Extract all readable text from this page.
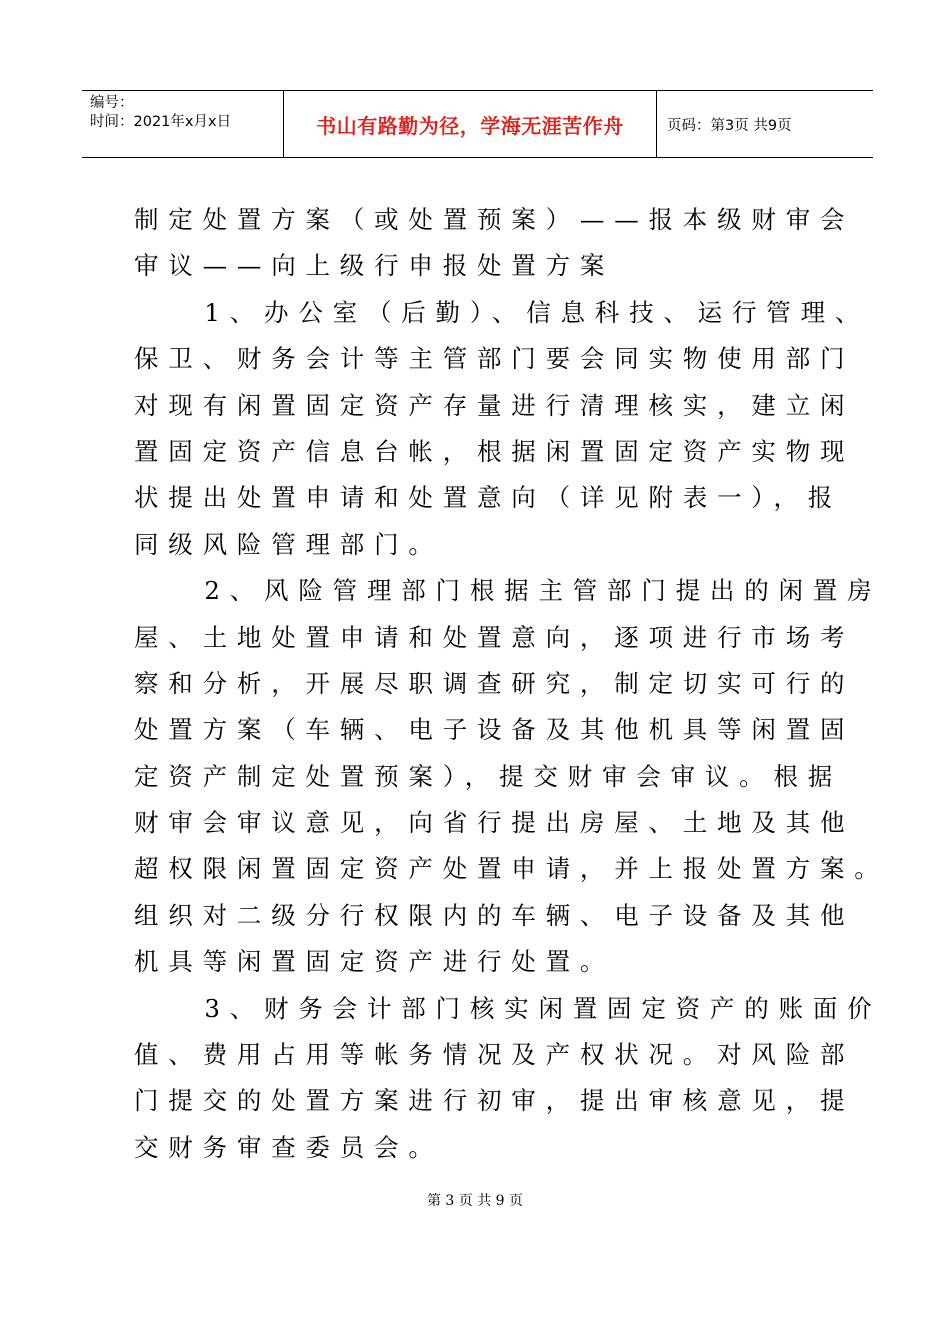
编号：
时间：2021年x月x日	书山有路勤为径，学海无涯苦作舟	页码：第3页 共9页
制定处置方案（或处置预案）——报本级财审会
审议——向上级行申报处置方案
1、办公室（后勤）、信息科技、运行管理、
保卫、财务会计等主管部门要会同实物使用部门
对现有闲置固定资产存量进行清理核实，建立闲
置固定资产信息台帐，根据闲置固定资产实物现
状提出处置申请和处置意向（详见附表一），报
同级风险管理部门。
2、风险管理部门根据主管部门提出的闲置房
屋、土地处置申请和处置意向，逐项进行市场考
察和分析，开展尽职调查研究，制定切实可行的
处置方案（车辆、电子设备及其他机具等闲置固
定资产制定处置预案），提交财审会审议。根据
财审会审议意见，向省行提出房屋、土地及其他
超权限闲置固定资产处置申请，并上报处置方案。
组织对二级分行权限内的车辆、电子设备及其他
机具等闲置固定资产进行处置。
3、财务会计部门核实闲置固定资产的账面价
值、费用占用等帐务情况及产权状况。对风险部
门提交的处置方案进行初审，提出审核意见，提
交财务审查委员会。
第 3 页 共 9 页
